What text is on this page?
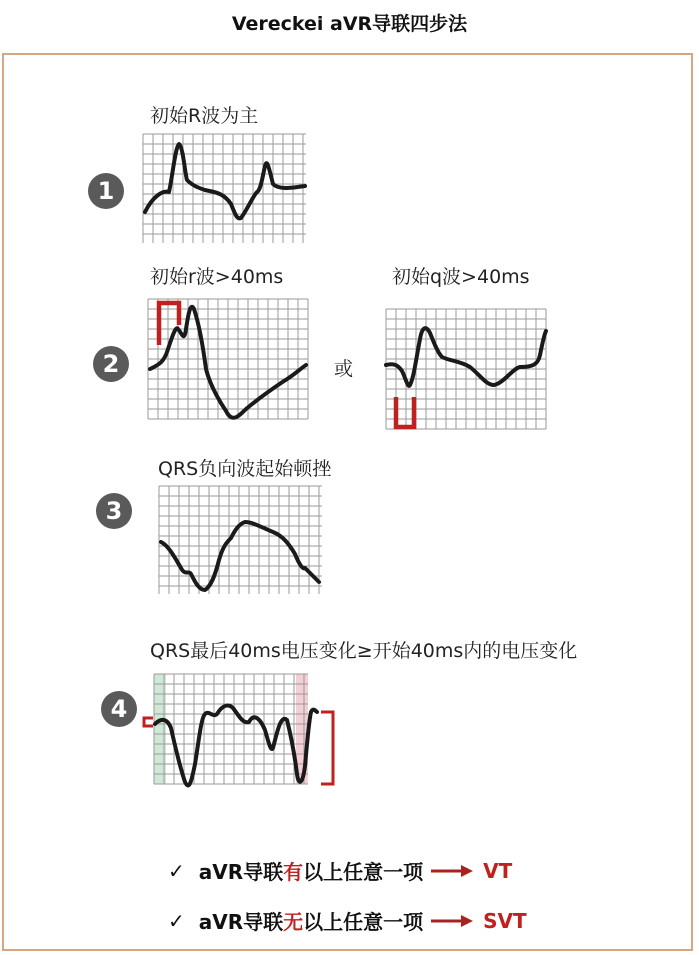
Vereckei aVR导联四步法
初始R波为主
1
初始r波>40ms	初始q波>40ms
2	或
QRS负向波起始顿挫
3
QRS最后40ms电压变化≥开始40ms内的电压变化
4
✓ aVR导联 有 以上任意一项	VT
✓ aVR导联 无 以上任意一项	SVT
